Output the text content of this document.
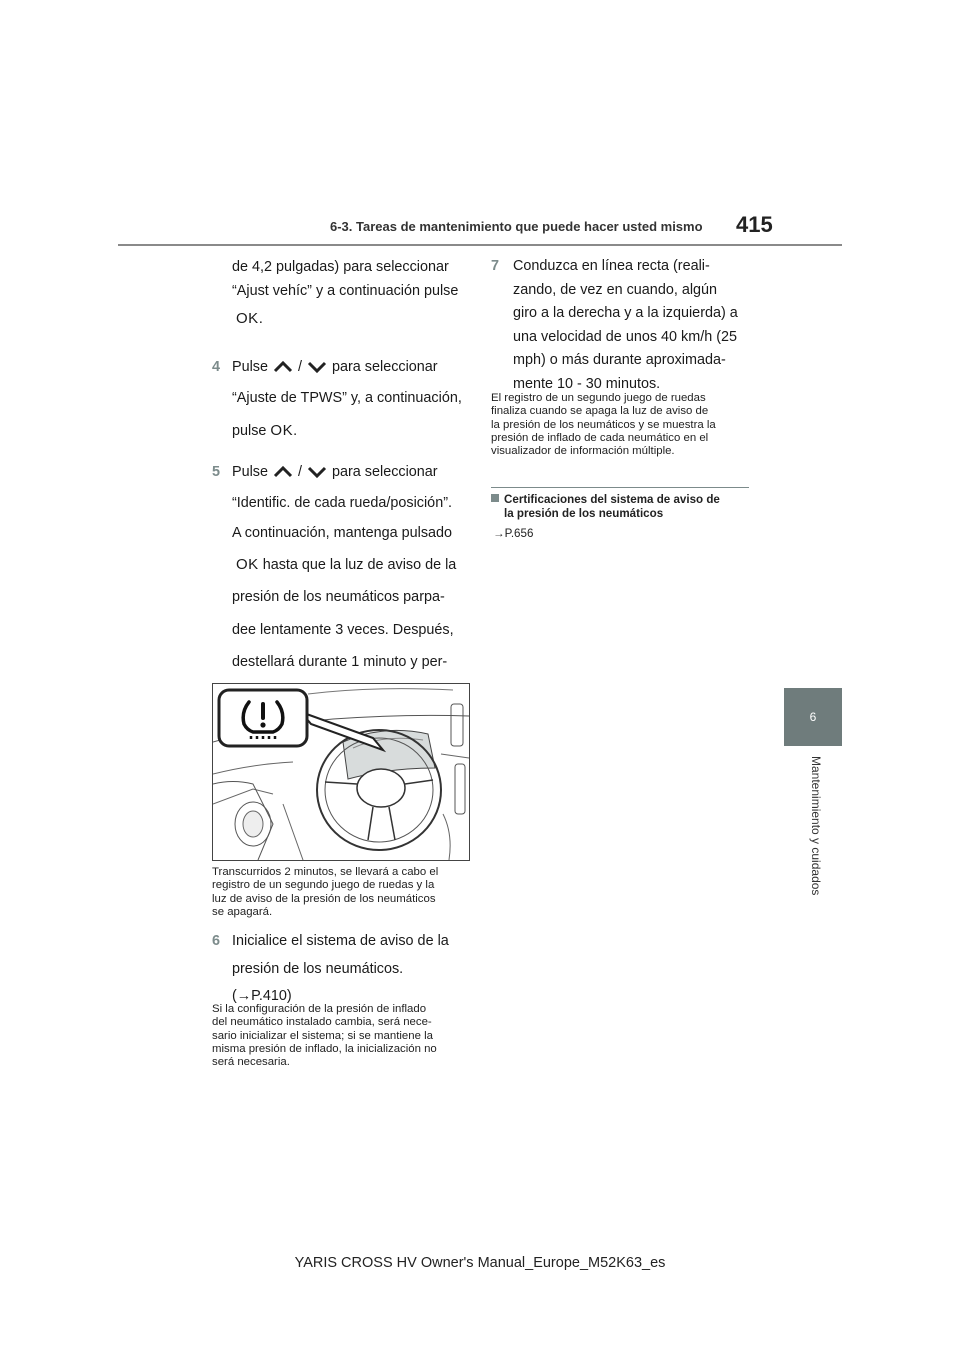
6-3. Tareas de mantenimiento que puede hacer usted mismo 415
6
Mantenimiento y cuidados
de 4,2 pulgadas) para seleccionar
“Ajust vehíc” y a continuación pulse
OK.
4 Pulse / para seleccionar
“Ajuste de TPWS” y, a continuación,
pulse OK.
5 Pulse / para seleccionar
“Identific. de cada rueda/posición”.
A continuación, mantenga pulsado
OK hasta que la luz de aviso de la
presión de los neumáticos parpa-
dee lentamente 3 veces. Después,
destellará durante 1 minuto y per-
Transcurridos 2 minutos, se llevará a cabo el
registro de un segundo juego de ruedas y la
luz de aviso de la presión de los neumáticos
se apagará.
6 Inicialice el sistema de aviso de la
presión de los neumáticos.
(→P.410)
Si la configuración de la presión de inflado
del neumático instalado cambia, será nece-
sario inicializar el sistema; si se mantiene la
misma presión de inflado, la inicialización no
será necesaria.
7 Conduzca en línea recta (reali-
zando, de vez en cuando, algún
giro a la derecha y a la izquierda) a
una velocidad de unos 40 km/h (25
mph) o más durante aproximada-
mente 10 - 30 minutos.
El registro de un segundo juego de ruedas
finaliza cuando se apaga la luz de aviso de
la presión de los neumáticos y se muestra la
presión de inflado de cada neumático en el
visualizador de información múltiple.
Certificaciones del sistema de aviso de
la presión de los neumáticos
→P.656
YARIS CROSS HV Owner's Manual_Europe_M52K63_es
